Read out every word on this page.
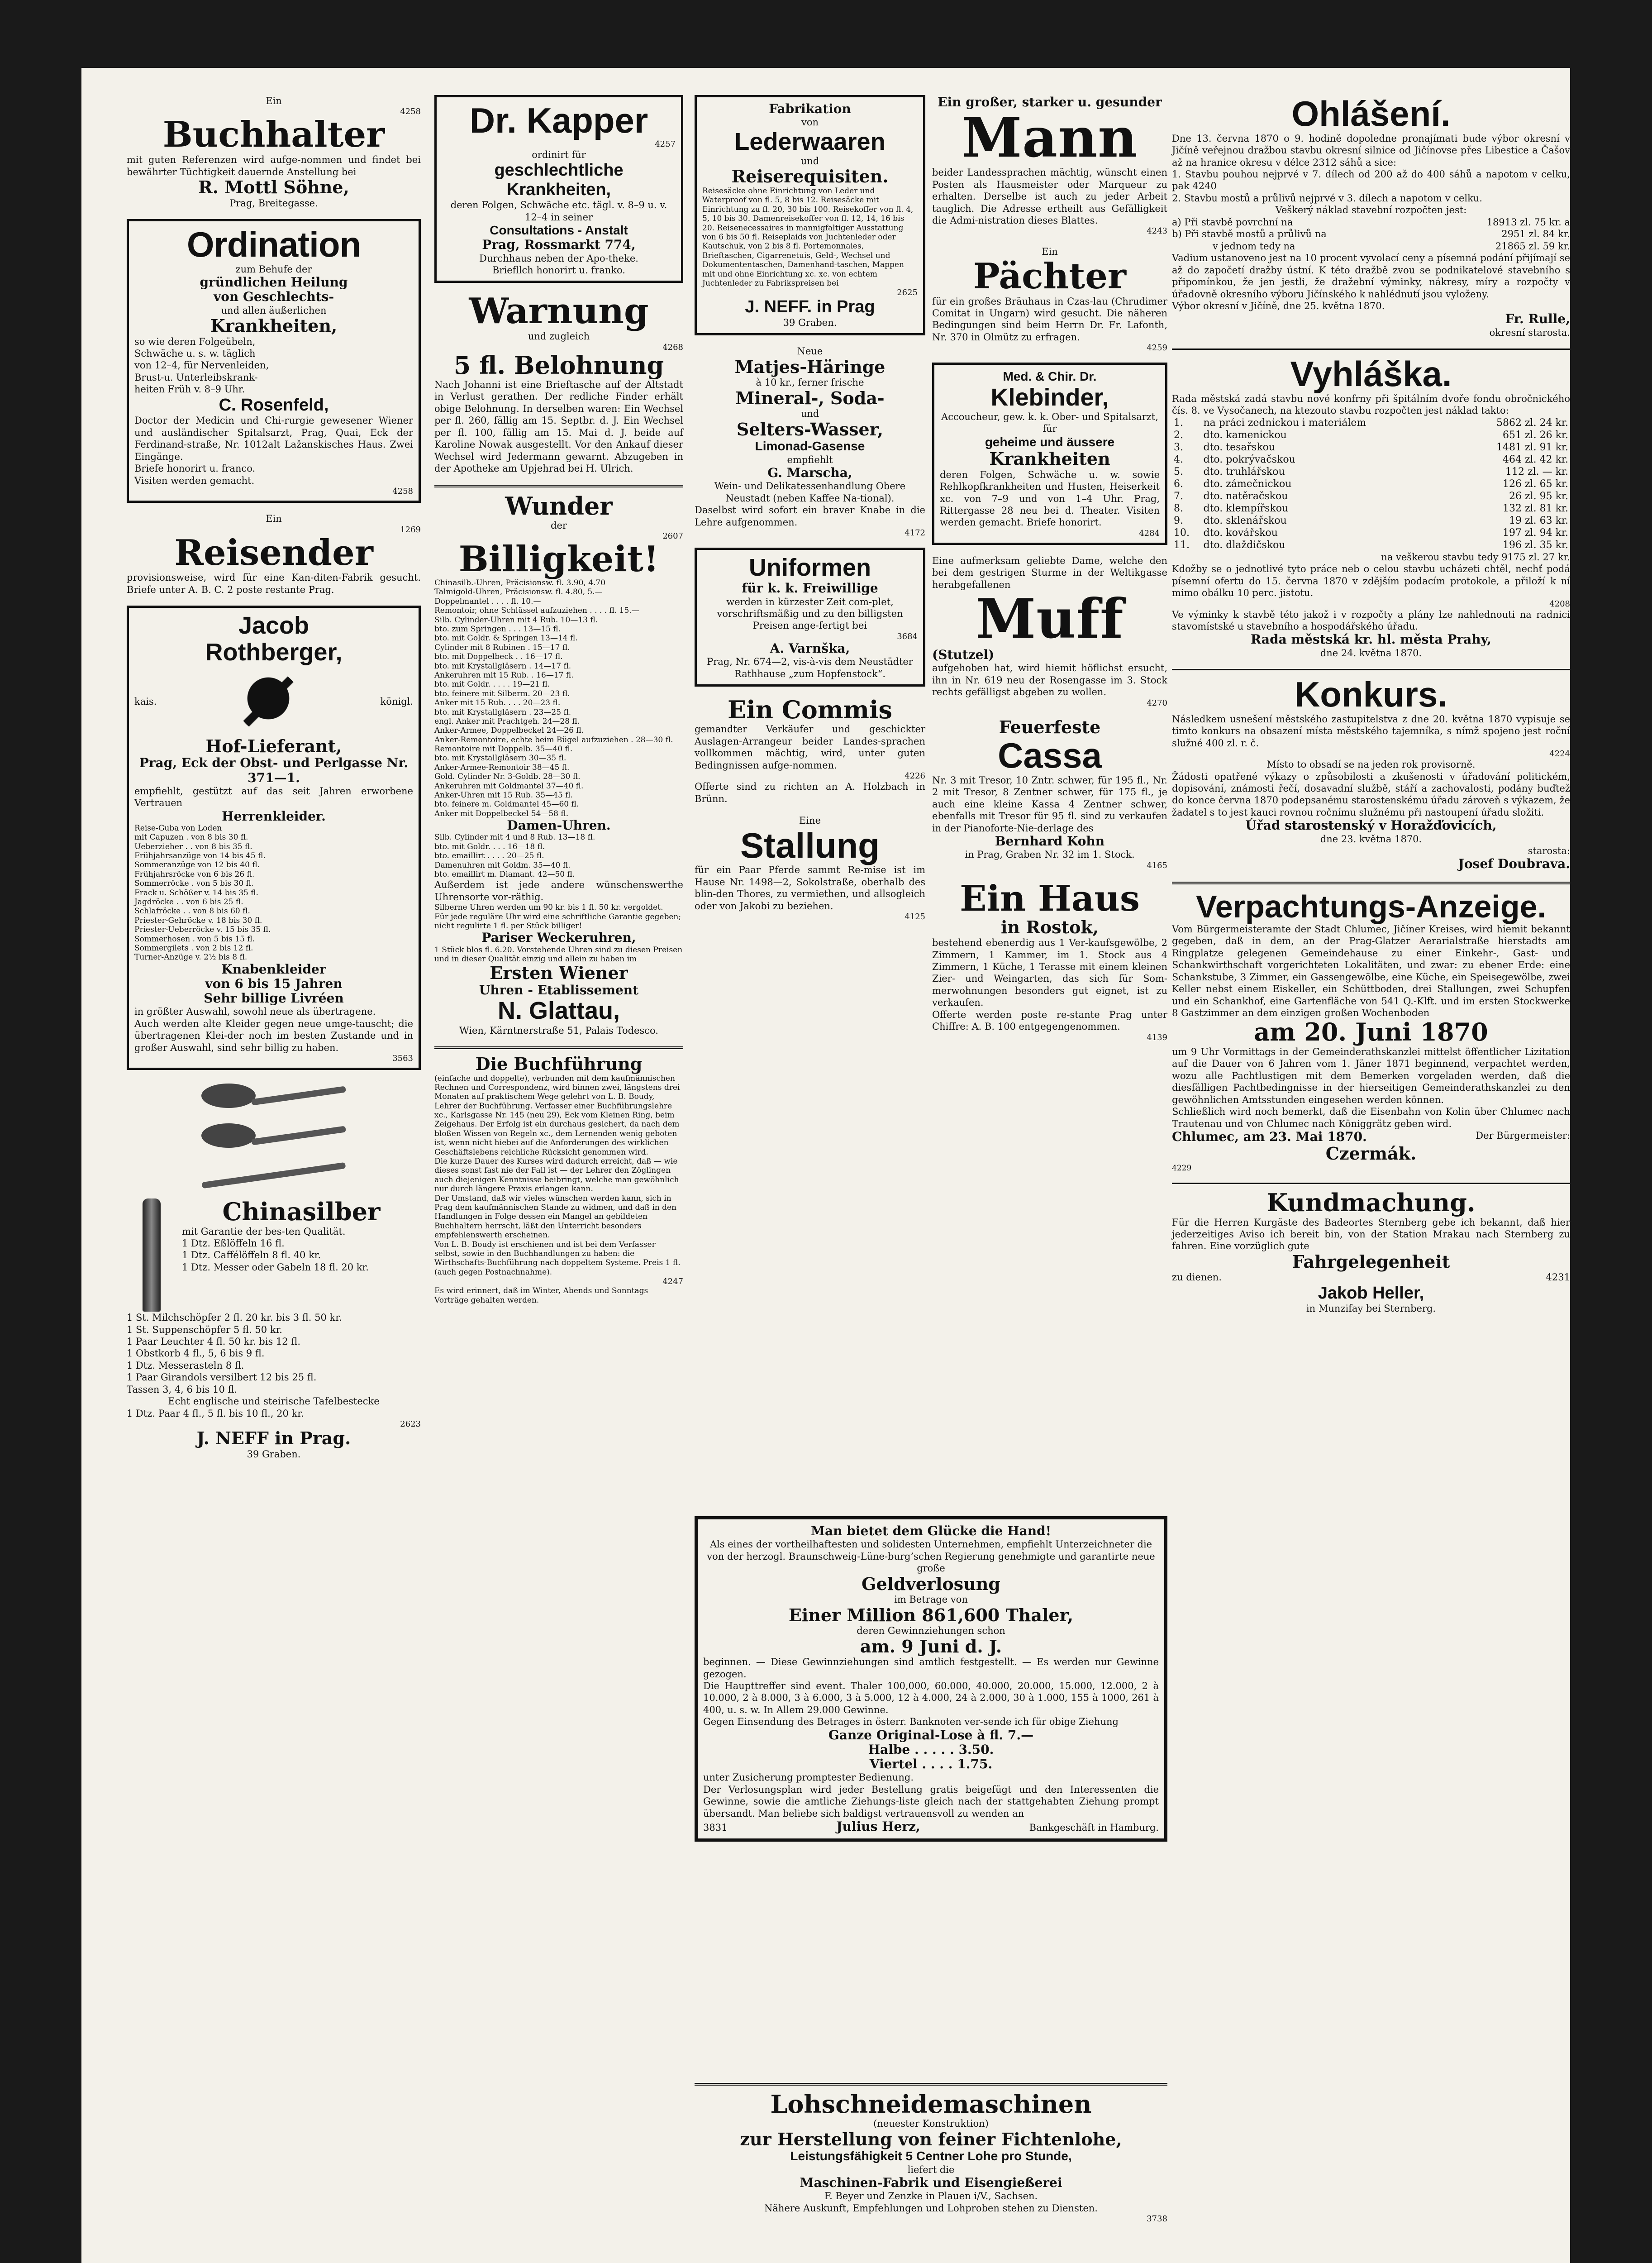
Ein
4258
Buchhalter
mit guten Referenzen wird aufge-nommen und findet bei bewährter Tüchtigkeit dauernde Anstellung bei
R. Mottl Söhne,
Prag, Breitegasse.
Ordination
zum Behufe der
gründlichen Heilung
von Geschlechts-
und allen äußerlichen
Krankheiten,
so wie deren Folgeübeln,
Schwäche u. s. w. täglich
von 12–4, für Nervenleiden,
Brust-u. Unterleibskrank-
heiten Früh v. 8–9 Uhr.
C. Rosenfeld,
Doctor der Medicin und Chi-rurgie gewesener Wiener und ausländischer Spitalsarzt, Prag, Quai, Eck der Ferdinand-straße, Nr. 1012alt Lažanskisches Haus. Zwei Eingänge.
Briefe honorirt u. franco.
Visiten werden gemacht.
4258
Ein
1269
Reisender
provisionsweise, wird für eine Kan-diten-Fabrik gesucht. Briefe unter A. B. C. 2 poste restante Prag.
Jacob
Rothberger,
kais.	königl.
Hof-Lieferant,
Prag, Eck der Obst- und Perlgasse Nr. 371—1.
empfiehlt, gestützt auf das seit Jahren erworbene Vertrauen
Herrenkleider.
Reise-Guba von Loden
mit Capuzen . von 8 bis 30 fl.
Ueberzieher . . von 8 bis 35 fl.
Frühjahrsanzüge von 14 bis 45 fl.
Sommeranzüge von 12 bis 40 fl.
Frühjahrsröcke von 6 bis 26 fl.
Sommerröcke . von 5 bis 30 fl.
Frack u. Schößer v. 14 bis 35 fl.
Jagdröcke . . von 6 bis 25 fl.
Schlafröcke . . von 8 bis 60 fl.
Priester-Gehröcke v. 18 bis 30 fl.
Priester-Ueberröcke v. 15 bis 35 fl.
Sommerhosen . von 5 bis 15 fl.
Sommergilets . von 2 bis 12 fl.
Turner-Anzüge v. 2½ bis 8 fl.
Knabenkleider
von 6 bis 15 Jahren
Sehr billige Livréen
in größter Auswahl, sowohl neue als übertragene.
Auch werden alte Kleider gegen neue umge-tauscht; die übertragenen Klei-der noch im besten Zustande und in großer Auswahl, sind sehr billig zu haben.
3563
Chinasilber
mit Garantie der bes-ten Qualität.
1 Dtz. Eßlöffeln 16 fl.
1 Dtz. Caffélöffeln 8 fl. 40 kr.
1 Dtz. Messer oder Gabeln 18 fl. 20 kr.
1 St. Milchschöpfer 2 fl. 20 kr. bis 3 fl. 50 kr.
1 St. Suppenschöpfer 5 fl. 50 kr.
1 Paar Leuchter 4 fl. 50 kr. bis 12 fl.
1 Obstkorb 4 fl., 5, 6 bis 9 fl.
1 Dtz. Messerasteln 8 fl.
1 Paar Girandols versilbert 12 bis 25 fl.
Tassen 3, 4, 6 bis 10 fl.
Echt englische und steirische Tafelbestecke
1 Dtz. Paar 4 fl., 5 fl. bis 10 fl., 20 kr.
2623
J. NEFF in Prag.
39 Graben.
Dr. Kapper
4257
ordinirt für
geschlechtliche Krankheiten,
deren Folgen, Schwäche etc. tägl. v. 8–9 u. v. 12–4 in seiner
Consultations - Anstalt
Prag, Rossmarkt 774,
Durchhaus neben der Apo-theke.
Briefllch honorirt u. franko.
Warnung
und zugleich
4268
5 fl. Belohnung
Nach Johanni ist eine Brieftasche auf der Altstadt in Verlust gerathen. Der redliche Finder erhält obige Belohnung. In derselben waren: Ein Wechsel per fl. 260, fällig am 15. Septbr. d. J. Ein Wechsel per fl. 100, fällig am 15. Mai d. J. beide auf Karoline Nowak ausgestellt. Vor den Ankauf dieser Wechsel wird Jedermann gewarnt. Abzugeben in der Apotheke am Upjehrad bei H. Ulrich.
Wunder
der
2607
Billigkeit!
Chinasilb.-Uhren, Präcisionsw. fl. 3.90, 4.70
Talmigold-Uhren, Präcisionsw. fl. 4.80, 5.—
Doppelmantel . . . . fl. 10.—
Remontoir, ohne Schlüssel aufzuziehen . . . . fl. 15.—
Silb. Cylinder-Uhren mit 4 Rub. 10—13 fl.
bto. zum Springen . . . 13—15 fl.
bto. mit Goldr. & Springen 13—14 fl.
Cylinder mit 8 Rubinen . 15—17 fl.
bto. mit Doppelbeck . . 16—17 fl.
bto. mit Krystallgläsern . 14—17 fl.
Ankeruhren mit 15 Rub. . 16—17 fl.
bto. mit Goldr. . . . . 19—21 fl.
bto. feinere mit Silberm. 20—23 fl.
Anker mit 15 Rub. . . . 20—23 fl.
bto. mit Krystallgläsern . 23—25 fl.
engl. Anker mit Prachtgeh. 24—28 fl.
Anker-Armee, Doppelbeckel 24—26 fl.
Anker-Remontoire, echte beim Bügel aufzuziehen . 28—30 fl.
Remontoire mit Doppelb. 35—40 fl.
bto. mit Krystallgläsern 30—35 fl.
Anker-Armee-Remontoir 38—45 fl.
Gold. Cylinder Nr. 3-Goldb. 28—30 fl.
Ankeruhren mit Goldmantel 37—40 fl.
Anker-Uhren mit 15 Rub. 35—45 fl.
bto. feinere m. Goldmantel 45—60 fl.
Anker mit Doppelbeckel 54—58 fl.
Damen-Uhren.
Silb. Cylinder mit 4 und 8 Rub. 13—18 fl.
bto. mit Goldr. . . . 16—18 fl.
bto. emaillirt . . . . 20—25 fl.
Damenuhren mit Goldm. 35—40 fl.
bto. emaillirt m. Diamant. 42—50 fl.
Außerdem ist jede andere wünschenswerthe Uhrensorte vor-räthig.
Silberne Uhren werden um 90 kr. bis 1 fl. 50 kr. vergoldet.
Für jede reguläre Uhr wird eine schriftliche Garantie gegeben; nicht regulirte 1 fl. per Stück billiger!
Pariser Weckeruhren,
1 Stück blos fl. 6.20. Vorstehende Uhren sind zu diesen Preisen und in dieser Qualität einzig und allein zu haben im
Ersten Wiener
Uhren - Etablissement
N. Glattau,
Wien, Kärntnerstraße 51, Palais Todesco.
Die Buchführung
(einfache und doppelte), verbunden mit dem kaufmännischen Rechnen und Correspondenz, wird binnen zwei, längstens drei Monaten auf praktischem Wege gelehrt von L. B. Boudy, Lehrer der Buchführung. Verfasser einer Buchführungslehre xc., Karlsgasse Nr. 145 (neu 29), Eck vom Kleinen Ring, beim Zeigehaus. Der Erfolg ist ein durchaus gesichert, da nach dem bloßen Wissen von Regeln xc., dem Lernenden wenig geboten ist, wenn nicht hiebei auf die Anforderungen des wirklichen Geschäftslebens reichliche Rücksicht genommen wird.
Die kurze Dauer des Kurses wird dadurch erreicht, daß — wie dieses sonst fast nie der Fall ist — der Lehrer den Zöglingen auch diejenigen Kenntnisse beibringt, welche man gewöhnlich nur durch längere Praxis erlangen kann.
Der Umstand, daß wir vieles wünschen werden kann, sich in Prag dem kaufmännischen Stande zu widmen, und daß in den Handlungen in Folge dessen ein Mangel an gebildeten Buchhaltern herrscht, läßt den Unterricht besonders empfehlenswerth erscheinen.
Von L. B. Boudy ist erschienen und ist bei dem Verfasser selbst, sowie in den Buchhandlungen zu haben: die Wirthschafts-Buchführung nach doppeltem Systeme. Preis 1 fl. (auch gegen Postnachnahme).
4247
Es wird erinnert, daß im Winter, Abends und Sonntags Vorträge gehalten werden.
Fabrikation
von
Lederwaaren
und
Reiserequisiten.
Reisesäcke ohne Einrichtung von Leder und Waterproof von fl. 5, 8 bis 12. Reisesäcke mit Einrichtung zu fl. 20, 30 bis 100. Reisekoffer von fl. 4, 5, 10 bis 30. Damenreisekoffer von fl. 12, 14, 16 bis 20. Reisenecessaires in mannigfaltiger Ausstattung von 6 bis 50 fl. Reiseplaids von Juchtenleder oder Kautschuk, von 2 bis 8 fl. Portemonnaies, Brieftaschen, Cigarrenetuis, Geld-, Wechsel und Dokumententaschen, Damenhand-taschen, Mappen mit und ohne Einrichtung xc. xc. von echtem Juchtenleder zu Fabrikspreisen bei
2625
J. NEFF. in Prag
39 Graben.
Neue
Matjes-Häringe
à 10 kr., ferner frische
Mineral-, Soda-
und
Selters-Wasser,
Limonad-Gasense
empfiehlt
G. Marscha,
Wein- und Delikatessenhandlung Obere Neustadt (neben Kaffee Na-tional).
Daselbst wird sofort ein braver Knabe in die Lehre aufgenommen.
4172
Uniformen
für k. k. Freiwillige
werden in kürzester Zeit com-plet, vorschriftsmäßig und zu den billigsten Preisen ange-fertigt bei
3684
A. Varnška,
Prag, Nr. 674—2, vis-à-vis dem Neustädter Rathhause „zum Hopfenstock“.
Ein Commis
gemandter Verkäufer und geschickter Auslagen-Arrangeur beider Landes-sprachen vollkommen mächtig, wird, unter guten Bedingnissen aufge-nommen.
4226
Offerte sind zu richten an A. Holzbach in Brünn.
Eine
Stallung
für ein Paar Pferde sammt Re-mise ist im Hause Nr. 1498—2, Sokolstraße, oberhalb des blin-den Thores, zu vermiethen, und allsogleich oder von Jakobi zu beziehen.
4125
Ein großer, starker u. gesunder
Mann
beider Landessprachen mächtig, wünscht einen Posten als Hausmeister oder Marqueur zu erhalten. Derselbe ist auch zu jeder Arbeit tauglich. Die Adresse ertheilt aus Gefälligkeit die Admi-nistration dieses Blattes.
4243
Ein
Pächter
für ein großes Bräuhaus in Czas-lau (Chrudimer Comitat in Ungarn) wird gesucht. Die näheren Bedingungen sind beim Herrn Dr. Fr. Lafonth, Nr. 370 in Olmütz zu erfragen.
4259
Med. & Chir. Dr.
Klebinder,
Accoucheur, gew. k. k. Ober- und Spitalsarzt, für
geheime und äussere
Krankheiten
deren Folgen, Schwäche u. w. sowie Rehlkopfkrankheiten und Husten, Heiserkeit xc. von 7–9 und von 1–4 Uhr. Prag, Rittergasse 28 neu bei d. Theater. Visiten werden gemacht. Briefe honorirt.
4284
Eine aufmerksam geliebte Dame, welche den bei dem gestrigen Sturme in der Weltikgasse herabgefallenen
Muff
(Stutzel)
aufgehoben hat, wird hiemit höflichst ersucht, ihn in Nr. 619 neu der Rosengasse im 3. Stock rechts gefälligst abgeben zu wollen.
4270
Feuerfeste
Cassa
Nr. 3 mit Tresor, 10 Zntr. schwer, für 195 fl., Nr. 2 mit Tresor, 8 Zentner schwer, für 175 fl., je auch eine kleine Kassa 4 Zentner schwer, ebenfalls mit Tresor für 95 fl. sind zu verkaufen in der Pianoforte-Nie-derlage des
Bernhard Kohn
in Prag, Graben Nr. 32 im 1. Stock.
4165
Ein Haus
in Rostok,
bestehend ebenerdig aus 1 Ver-kaufsgewölbe, 2 Zimmern, 1 Kammer, im 1. Stock aus 4 Zimmern, 1 Küche, 1 Terasse mit einem kleinen Zier- und Weingarten, das sich für Som-merwohnungen besonders gut eignet, ist zu verkaufen.
Offerte werden poste re-stante Prag unter Chiffre: A. B. 100 entgegengenommen.
4139
Man bietet dem Glücke die Hand!
Als eines der vortheilhaftesten und solidesten Unternehmen, empfiehlt Unterzeichneter die von der herzogl. Braunschweig-Lüne-burg’schen Regierung genehmigte und garantirte neue große
Geldverlosung
im Betrage von
Einer Million 861,600 Thaler,
deren Gewinnziehungen schon
am. 9 Juni d. J.
beginnen. — Diese Gewinnziehungen sind amtlich festgestellt. — Es werden nur Gewinne gezogen.
Die Haupttreffer sind event. Thaler 100,000, 60.000, 40.000, 20.000, 15.000, 12.000, 2 à 10.000, 2 à 8.000, 3 à 6.000, 3 à 5.000, 12 à 4.000, 24 à 2.000, 30 à 1.000, 155 à 1000, 261 à 400, u. s. w. In Allem 29.000 Gewinne.
Gegen Einsendung des Betrages in österr. Banknoten ver-sende ich für obige Ziehung
Ganze Original-Lose à fl. 7.—
Halbe . . . . . 3.50.
Viertel . . . . 1.75.
unter Zusicherung promptester Bedienung.
Der Verlosungsplan wird jeder Bestellung gratis beigefügt und den Interessenten die Gewinne, sowie die amtliche Ziehungs-liste gleich nach der stattgehabten Ziehung prompt übersandt. Man beliebe sich baldigst vertrauensvoll zu wenden an
3831	Julius Herz,	Bankgeschäft in Hamburg.
Lohschneidemaschinen
(neuester Konstruktion)
zur Herstellung von feiner Fichtenlohe,
Leistungsfähigkeit 5 Centner Lohe pro Stunde,
liefert die
Maschinen-Fabrik und Eisengießerei
F. Beyer und Zenzke in Plauen i/V., Sachsen.
Nähere Auskunft, Empfehlungen und Lohproben stehen zu Diensten.
3738
Ohlášení.
Dne 13. června 1870 o 9. hodině dopoledne pronajímati bude výbor okresní v Jičíně veřejnou dražbou stavbu okresní silnice od Jičínovse přes Libestice a Čašov až na hranice okresu v délce 2312 sáhů a sice:
1. Stavbu pouhou nejprvé v 7. dílech od 200 až do 400 sáhů a napotom v celku, pak 4240
2. Stavbu mostů a průlivů nejprvé v 3. dílech a napotom v celku.
Veškerý náklad stavební rozpočten jest:
a) Při stavbě povrchní na	18913 zl. 75 kr. a
b) Při stavbě mostů a průlivů na	2951 zl. 84 kr.
v jednom tedy na	21865 zl. 59 kr.
Vadium ustanoveno jest na 10 procent vyvolací ceny a písemná podání přijímají se až do započetí dražby ústní. K této dražbě zvou se podnikatelové stavebního s připomínkou, že jen jestli, že dražební výminky, nákresy, míry a rozpočty v úřadovně okresního výboru Jičínského k nahlédnutí jsou vyloženy.
Výbor okresní v Jičíně, dne 25. května 1870.
Fr. Rulle,
okresní starosta.
Vyhláška.
Rada městská zadá stavbu nové konfrny při špitálním dvoře fondu obročnického čís. 8. ve Vysočanech, na ktezouto stavbu rozpočten jest náklad takto:
1.	na práci zednickou i materiálem	5862 zl. 24 kr.
2.	dto. kamenickou	651 zl. 26 kr.
3.	dto. tesařskou	1481 zl. 91 kr.
4.	dto. pokrývačskou	464 zl. 42 kr.
5.	dto. truhlářskou	112 zl. — kr.
6.	dto. zámečnickou	126 zl. 65 kr.
7.	dto. natěračskou	26 zl. 95 kr.
8.	dto. klempířskou	132 zl. 81 kr.
9.	dto. sklenářskou	19 zl. 63 kr.
10.	dto. kovářskou	197 zl. 94 kr.
11.	dto. dlaždičskou	196 zl. 35 kr.
na veškerou stavbu tedy 9175 zl. 27 kr.
Kdožby se o jednotlivé tyto práce neb o celou stavbu ucházeti chtěl, nechť podá písemní ofertu do 15. června 1870 v zdějším podacím protokole, a přiloží k ní mimo obálku 10 perc. jistotu.
4208
Ve výminky k stavbě této jakož i v rozpočty a plány lze nahlednouti na radnici stavomístské u stavebního a hospodářského úřadu.
Rada městská kr. hl. města Prahy,
dne 24. května 1870.
Konkurs.
Následkem usnešení městského zastupitelstva z dne 20. května 1870 vypisuje se timto konkurs na obsazení místa městského tajemníka, s nímž spojeno jest roční služné 400 zl. r. č.
4224
Místo to obsadí se na jeden rok provisorně.
Žádosti opatřené výkazy o způsobilosti a zkušenosti v úřadování politickém, dopisování, známosti řečí, dosavadní službě, stáří a zachovalosti, podány buďtež do konce června 1870 podepsanému starostenskému úřadu zároveň s výkazem, že žadatel s to jest kauci rovnou ročnímu služnému při nastoupení úřadu složiti.
Úřad starostenský v Horažďovicích,
dne 23. května 1870.
starosta:
Josef Doubrava.
Verpachtungs-Anzeige.
Vom Bürgermeisteramte der Stadt Chlumec, Jičíner Kreises, wird hiemit bekannt gegeben, daß in dem, an der Prag-Glatzer Aerarialstraße hierstadts am Ringplatze gelegenen Gemeindehause zu einer Einkehr-, Gast- und Schankwirthschaft vorgerichteten Lokalitäten, und zwar: zu ebener Erde: eine Schankstube, 3 Zimmer, ein Gassengewölbe, eine Küche, ein Speisegewölbe, zwei Keller nebst einem Eiskeller, ein Schüttboden, drei Stallungen, zwei Schupfen und ein Schankhof, eine Gartenfläche von 541 Q.-Klft. und im ersten Stockwerke 8 Gastzimmer an dem einzigen großen Wochenboden
am 20. Juni 1870
um 9 Uhr Vormittags in der Gemeinderathskanzlei mittelst öffentlicher Lizitation auf die Dauer von 6 Jahren vom 1. Jäner 1871 beginnend, verpachtet werden, wozu alle Pachtlustigen mit dem Bemerken vorgeladen werden, daß die diesfälligen Pachtbedingnisse in der hierseitigen Gemeinderathskanzlei zu den gewöhnlichen Amtsstunden eingesehen werden können.
Schließlich wird noch bemerkt, daß die Eisenbahn von Kolin über Chlumec nach Trautenau und von Chlumec nach Königgrätz geben wird.
Chlumec, am 23. Mai 1870.	Der Bürgermeister:
Czermák.
4229
Kundmachung.
Für die Herren Kurgäste des Badeortes Sternberg gebe ich bekannt, daß hier jederzeitiges Aviso ich bereit bin, von der Station Mrakau nach Sternberg zu fahren. Eine vorzüglich gute
Fahrgelegenheit
zu dienen.	4231
Jakob Heller,
in Munzifay bei Sternberg.
